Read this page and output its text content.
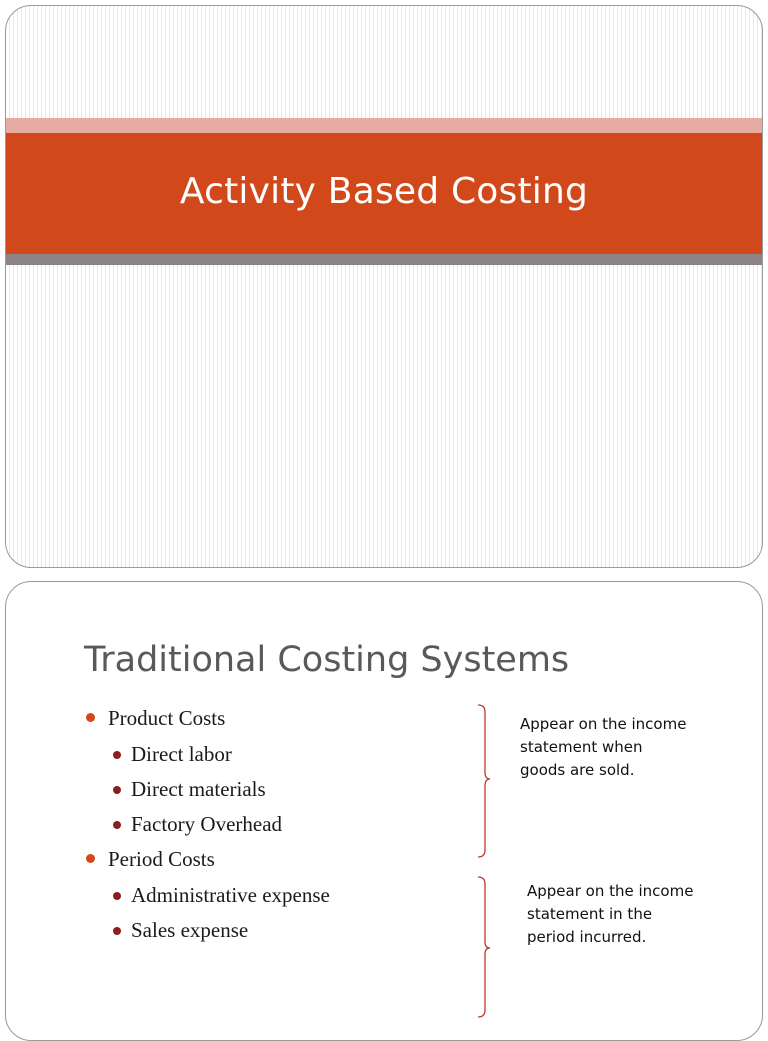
Activity Based Costing
Traditional Costing Systems
Product Costs
Direct labor
Direct materials
Factory Overhead
Period Costs
Administrative expense
Sales expense
Appear on the income
statement when
goods are sold.
Appear on the income
statement in the
period incurred.
